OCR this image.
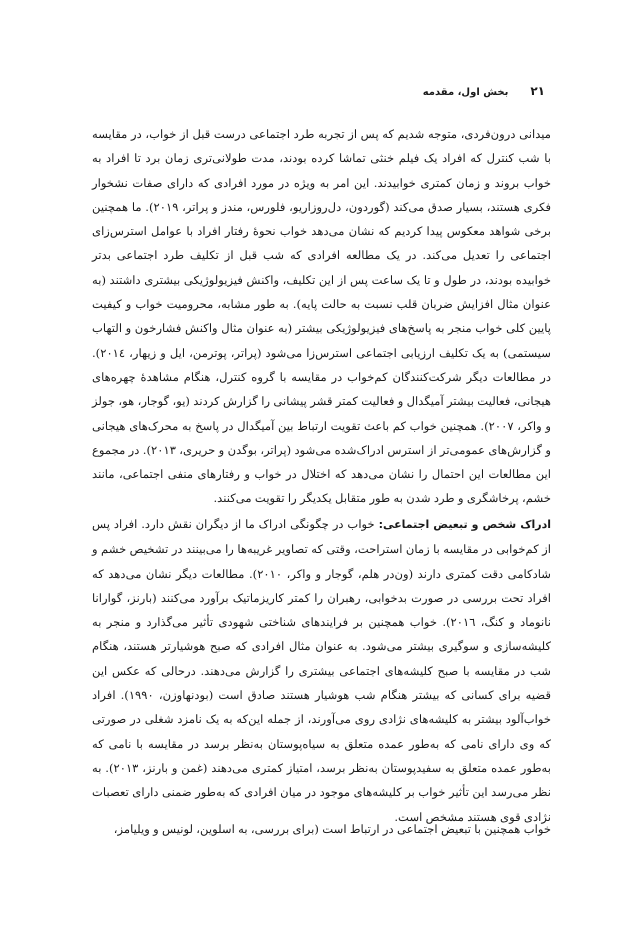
۲۱
بخش اول، مقدمه

میدانی درون‌فردی، متوجه شدیم که پس از تجربه طرد اجتماعی درست قبل از خواب، در مقایسه با شب کنترل که افراد یک فیلم خنثی تماشا کرده بودند، مدت طولانی‌تری زمان برد تا افراد به خواب بروند و زمان کمتری خوابیدند. این امر به ویژه در مورد افرادی که دارای صفات نشخوار فکری هستند، بسیار صدق می‌کند (گوردون، دل‌روزاریو، فلورس، مندز و پراتر، ۲۰۱۹). ما همچنین برخی شواهد معکوس پیدا کردیم که نشان می‌دهد خواب نحوهٔ رفتار افراد با عوامل استرس‌زای اجتماعی را تعدیل می‌کند. در یک مطالعه افرادی که شب قبل از تکلیف طرد اجتماعی بدتر خوابیده بودند، در طول و تا یک ساعت پس از این تکلیف، واکنش فیزیولوژیکی بیشتری داشتند (به عنوان مثال افزایش ضربان قلب نسبت به حالت پایه). به طور مشابه، محرومیت خواب و کیفیت پایین کلی خواب منجر به پاسخ‌های فیزیولوژیکی بیشتر (به عنوان مثال واکنش فشارخون و التهاب سیستمی) به یک تکلیف ارزیابی اجتماعی استرس‌زا می‌شود (پراتر، پوترمن، ایل و زیهار، ۲۰۱٤). در مطالعات دیگر شرکت‌کنندگان کم‌خواب در مقایسه با گروه کنترل، هنگام مشاهدهٔ چهره‌های هیجانی، فعالیت بیشتر آمیگدال و فعالیت کمتر قشر پیشانی را گزارش کردند (یو، گوجار، هو، جولز و واکر، ۲۰۰۷). همچنین خواب کم باعث تقویت ارتباط بین آمیگدال در پاسخ به محرک‌های هیجانی و گزارش‌های عمومی‌تر از استرس ادراک‌شده می‌شود (پراتر، بوگدن و حریری، ۲۰۱۳). در مجموع این مطالعات این احتمال را نشان می‌دهد که اختلال در خواب و رفتارهای منفی اجتماعی، مانند خشم، پرخاشگری و طرد شدن به طور متقابل یکدیگر را تقویت می‌کنند.

ادراک شخص و تبعیض اجتماعی: خواب در چگونگی ادراک ما از دیگران نقش دارد. افراد پس از کم‌خوابی در مقایسه با زمان استراحت، وقتی که تصاویر غریبه‌ها را می‌بینند در تشخیص خشم و شادکامی دقت کمتری دارند (ون‌در هلم، گوجار و واکر، ۲۰۱۰). مطالعات دیگر نشان می‌دهد که افراد تحت بررسی در صورت بدخوابی، رهبران را کمتر کاریزماتیک برآورد می‌کنند (بارنز، گوارانا نانوماد و کنگ، ۲۰۱٦). خواب همچنین بر فرایندهای شناختی شهودی تأثیر می‌گذارد و منجر به کلیشه‌سازی و سوگیری بیشتر می‌شود. به عنوان مثال افرادی که صبح هوشیارتر هستند، هنگام شب در مقایسه با صبح کلیشه‌های اجتماعی بیشتری را گزارش می‌دهند. درحالی که عکس این قضیه برای کسانی که بیشتر هنگام شب هوشیار هستند صادق است (بودنهاوزن، ۱۹۹۰). افراد خواب‌آلود بیشتر به کلیشه‌های نژادی روی می‌آورند، از جمله این‌که به یک نامزد شغلی در صورتی که وی دارای نامی که به‌طور عمده متعلق به سیاه‌پوستان به‌نظر برسد در مقایسه با نامی که به‌طور عمده متعلق به سفیدپوستان به‌نظر برسد، امتیاز کمتری می‌دهند (غمن و بارنز، ۲۰۱۳). به نظر می‌رسد این تأثیر خواب بر کلیشه‌های موجود در میان افرادی که به‌طور ضمنی دارای تعصبات نژادی قوی هستند مشخص است.

خواب همچنین با تبعیض اجتماعی در ارتباط است (برای بررسی، به اسلوین، لونیس و ویلیامز،
